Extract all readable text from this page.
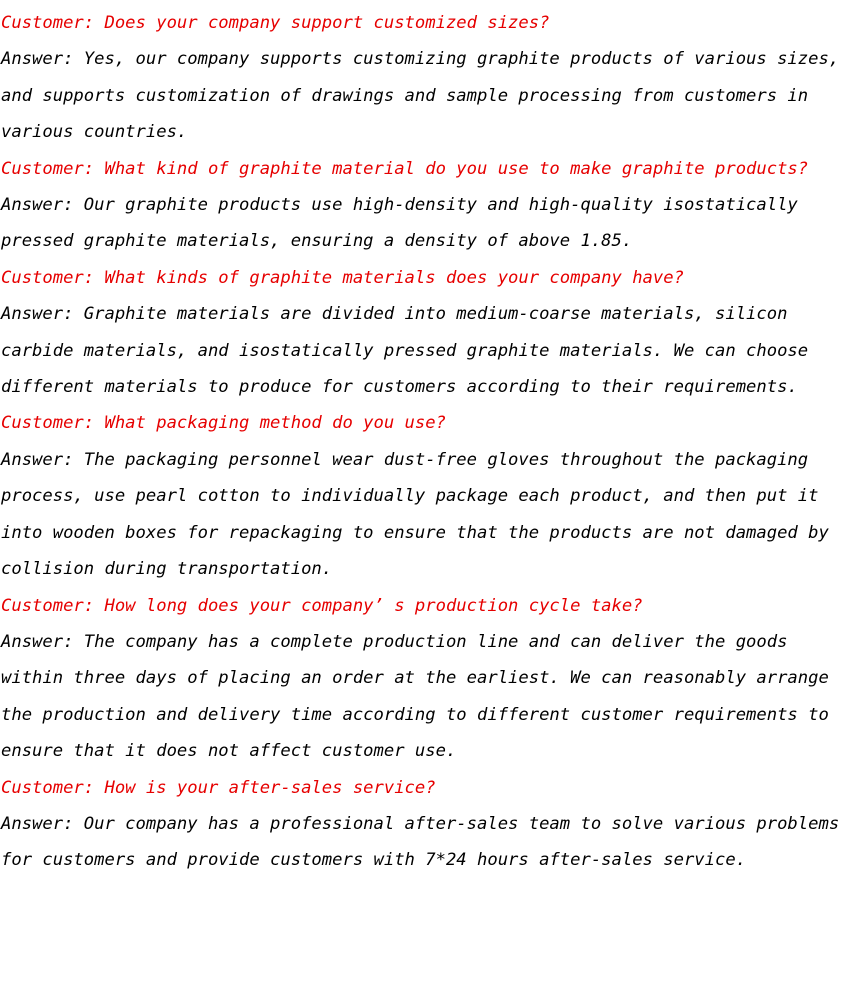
Customer: Does your company support customized sizes?
Answer: Yes, our company supports customizing graphite products of various sizes, and supports customization of drawings and sample processing from customers in various countries.
Customer: What kind of graphite material do you use to make graphite products?
Answer: Our graphite products use high-density and high-quality isostatically pressed graphite materials, ensuring a density of above 1.85.
Customer: What kinds of graphite materials does your company have?
Answer: Graphite materials are divided into medium-coarse materials, silicon carbide materials, and isostatically pressed graphite materials. We can choose different materials to produce for customers according to their requirements.
Customer: What packaging method do you use?
Answer: The packaging personnel wear dust-free gloves throughout the packaging process, use pearl cotton to individually package each product, and then put it into wooden boxes for repackaging to ensure that the products are not damaged by collision during transportation.
Customer: How long does your company’ s production cycle take?
Answer: The company has a complete production line and can deliver the goods within three days of placing an order at the earliest. We can reasonably arrange the production and delivery time according to different customer requirements to ensure that it does not affect customer use.
Customer: How is your after-sales service?
Answer: Our company has a professional after-sales team to solve various problems for customers and provide customers with 7*24 hours after-sales service.
